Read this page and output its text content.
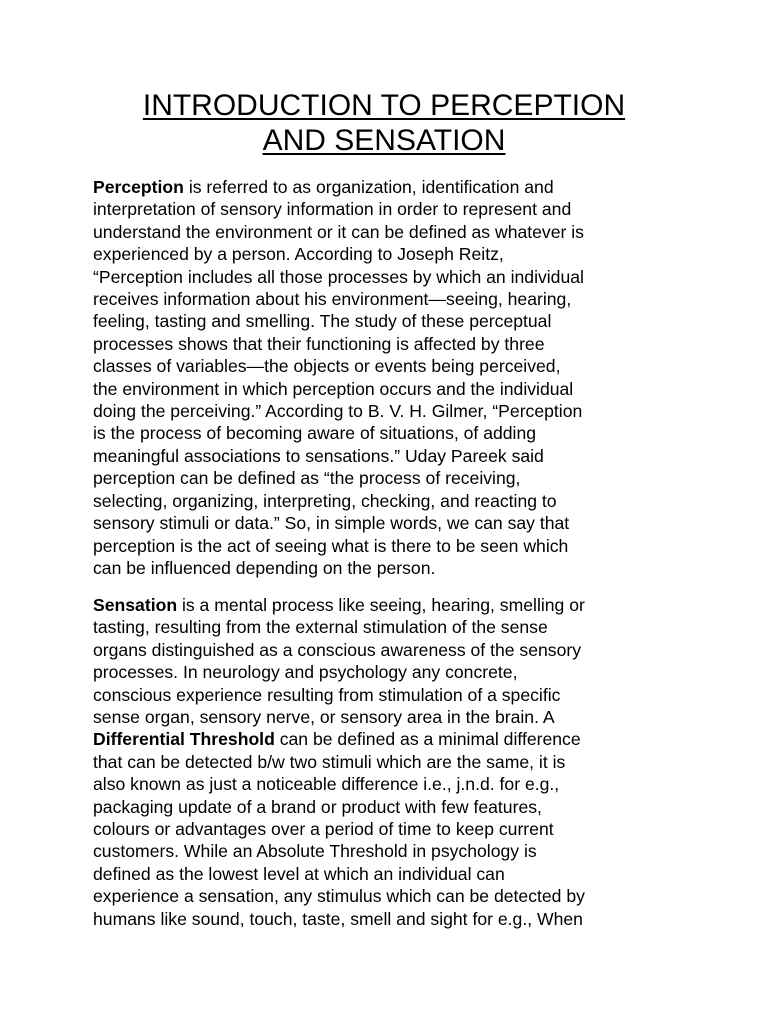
INTRODUCTION TO PERCEPTION
AND SENSATION

Perception is referred to as organization, identification and
interpretation of sensory information in order to represent and
understand the environment or it can be defined as whatever is
experienced by a person. According to Joseph Reitz,
“Perception includes all those processes by which an individual
receives information about his environment—seeing, hearing,
feeling, tasting and smelling. The study of these perceptual
processes shows that their functioning is affected by three
classes of variables—the objects or events being perceived,
the environment in which perception occurs and the individual
doing the perceiving.” According to B. V. H. Gilmer, “Perception
is the process of becoming aware of situations, of adding
meaningful associations to sensations.” Uday Pareek said
perception can be defined as “the process of receiving,
selecting, organizing, interpreting, checking, and reacting to
sensory stimuli or data.” So, in simple words, we can say that
perception is the act of seeing what is there to be seen which
can be influenced depending on the person.

Sensation is a mental process like seeing, hearing, smelling or
tasting, resulting from the external stimulation of the sense
organs distinguished as a conscious awareness of the sensory
processes. In neurology and psychology any concrete,
conscious experience resulting from stimulation of a specific
sense organ, sensory nerve, or sensory area in the brain. A
Differential Threshold can be defined as a minimal difference
that can be detected b/w two stimuli which are the same, it is
also known as just a noticeable difference i.e., j.n.d. for e.g.,
packaging update of a brand or product with few features,
colours or advantages over a period of time to keep current
customers. While an Absolute Threshold in psychology is
defined as the lowest level at which an individual can
experience a sensation, any stimulus which can be detected by
humans like sound, touch, taste, smell and sight for e.g., When
